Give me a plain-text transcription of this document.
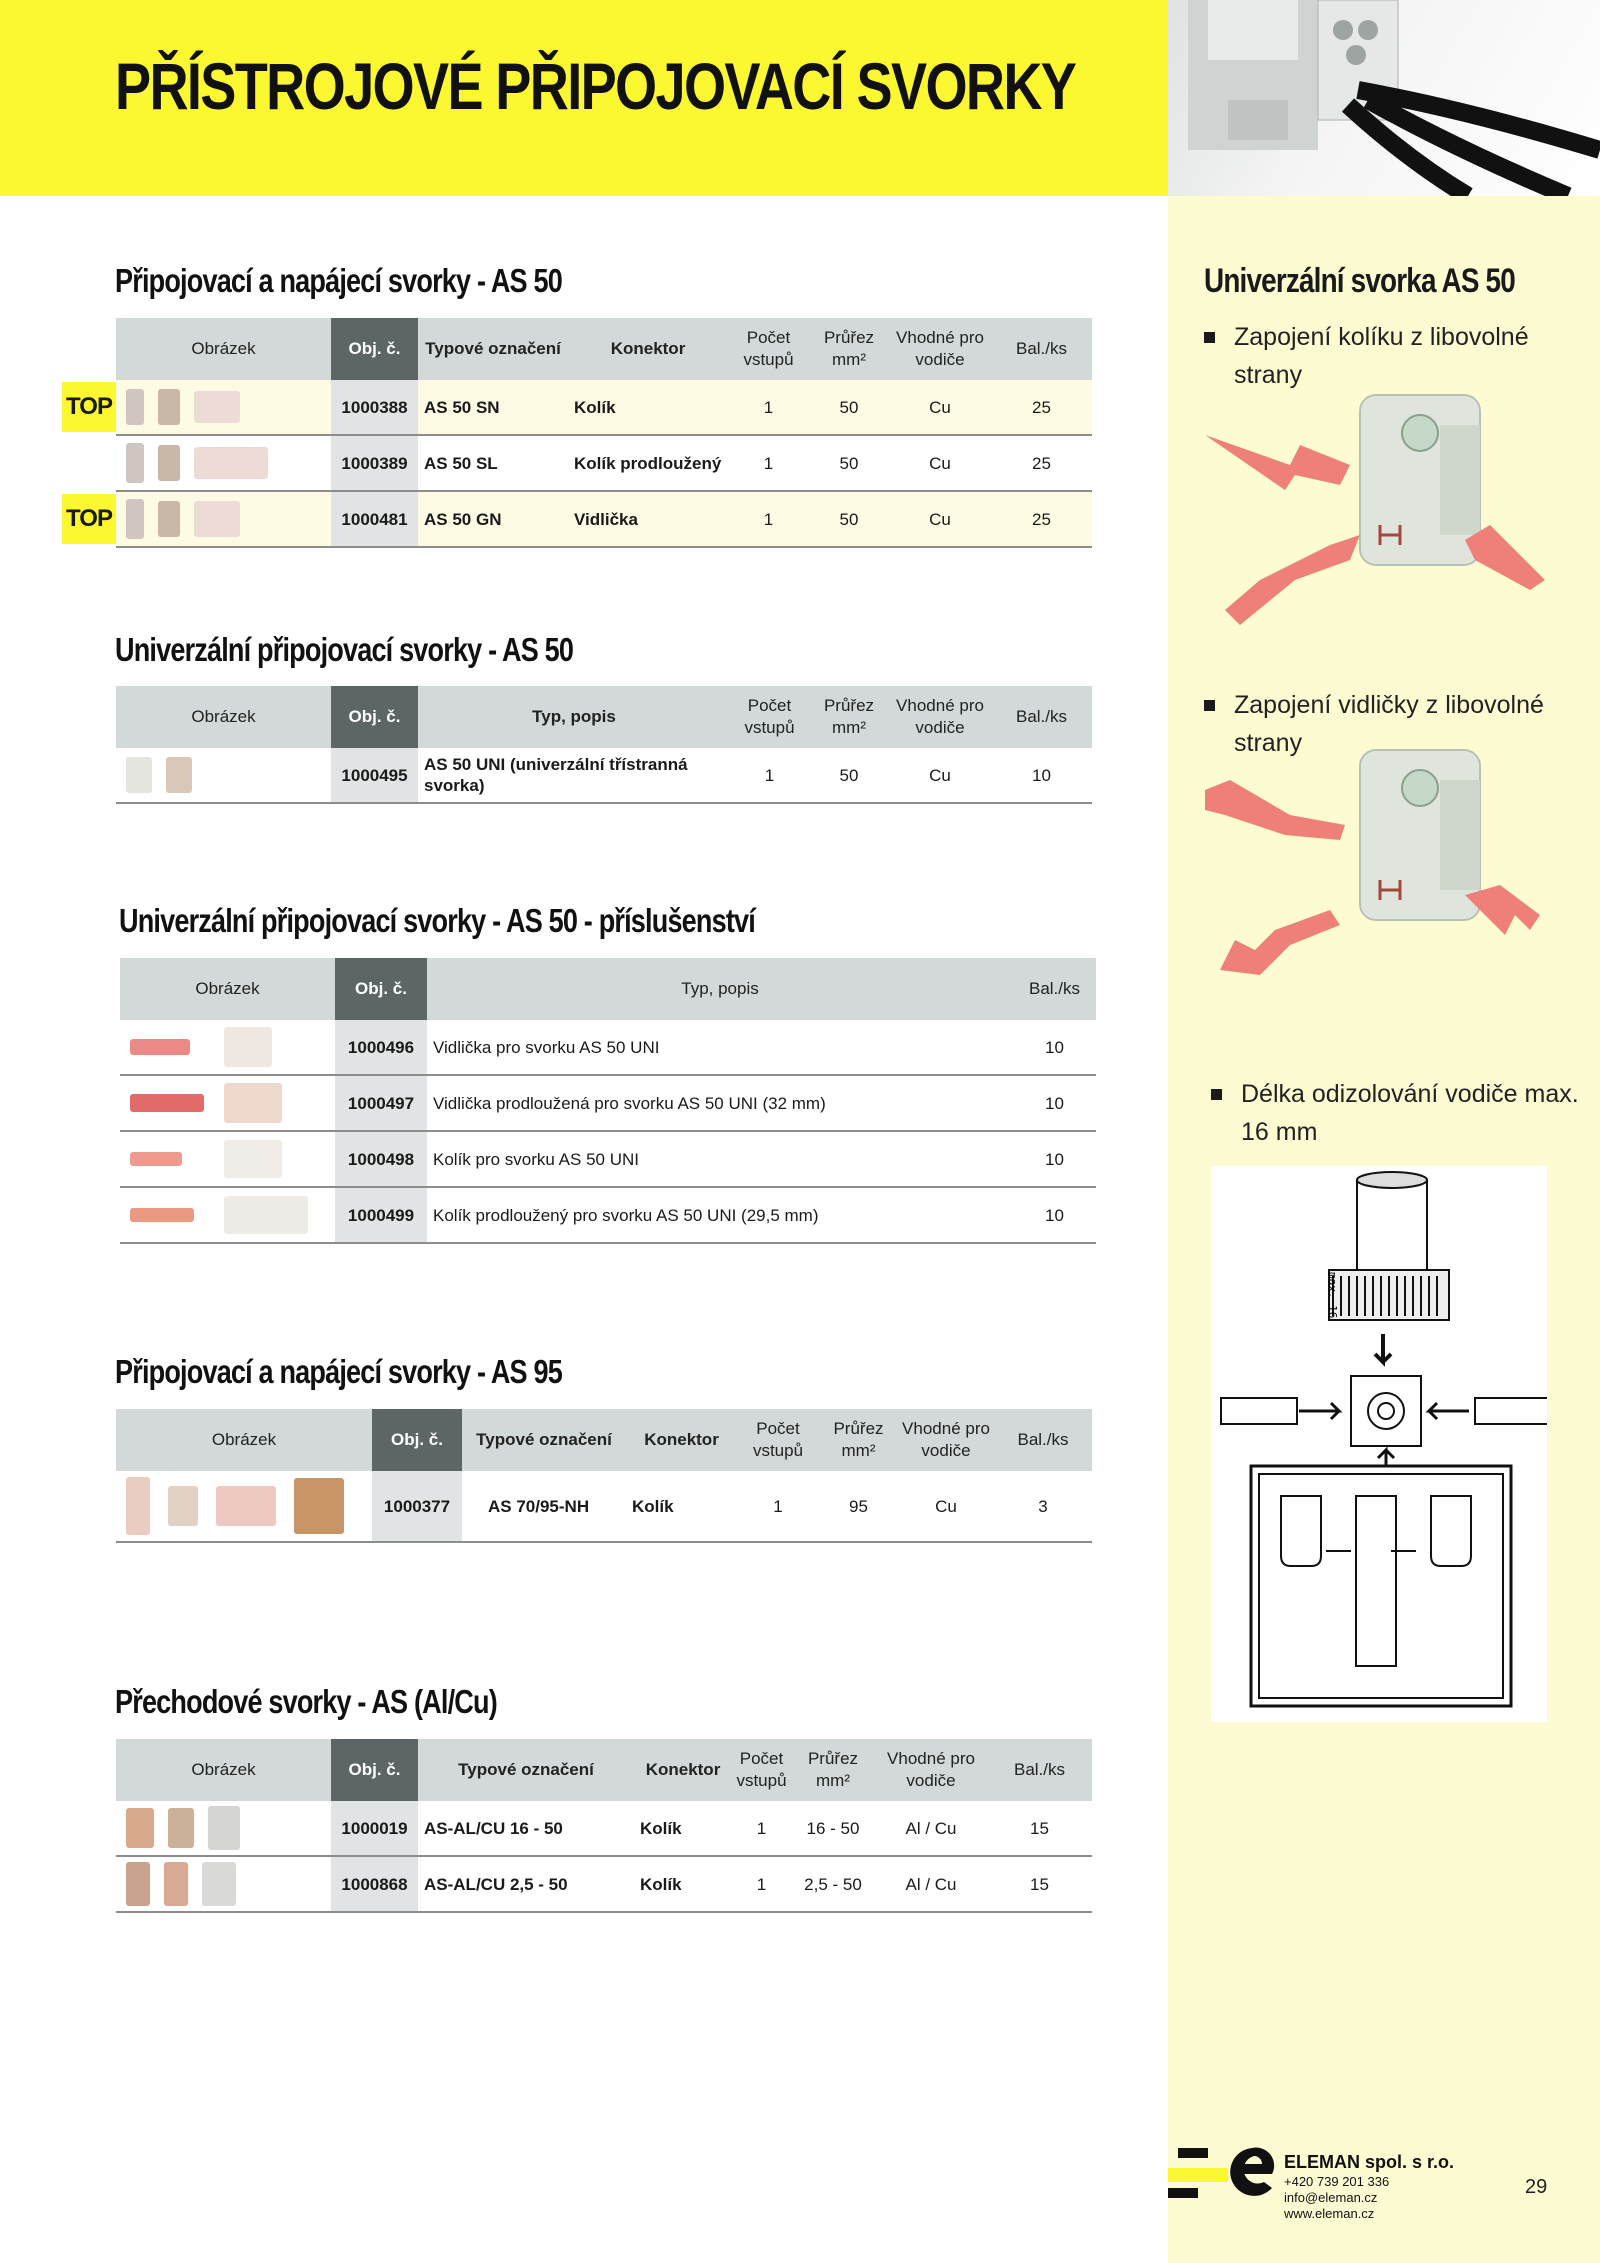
PŘÍSTROJOVÉ PŘIPOJOVACÍ SVORKY
Připojovací a napájecí svorky - AS 50
TOP
TOP
Obrázek	Obj. č.	Typové označení	Konektor	Počet vstupů	Průřez mm²	Vhodné pro vodiče	Bal./ks
	1000388	AS 50 SN	Kolík	1	50	Cu	25
	1000389	AS 50 SL	Kolík prodloužený	1	50	Cu	25
	1000481	AS 50 GN	Vidlička	1	50	Cu	25
Univerzální připojovací svorky - AS 50
Obrázek	Obj. č.	Typ, popis	Počet vstupů	Průřez mm²	Vhodné pro vodiče	Bal./ks
	1000495	AS 50 UNI (univerzální třístranná svorka)	1	50	Cu	10
Univerzální připojovací svorky - AS 50 - příslušenství
Obrázek	Obj. č.	Typ, popis	Bal./ks
	1000496	Vidlička pro svorku AS 50 UNI	10
	1000497	Vidlička prodloužená pro svorku AS 50 UNI (32 mm)	10
	1000498	Kolík pro svorku AS 50 UNI	10
	1000499	Kolík prodloužený pro svorku AS 50 UNI (29,5 mm)	10
Připojovací a napájecí svorky - AS 95
Obrázek	Obj. č.	Typové označení	Konektor	Počet vstupů	Průřez mm²	Vhodné pro vodiče	Bal./ks
	1000377	AS 70/95-NH	Kolík	1	95	Cu	3
Přechodové svorky - AS (Al/Cu)
Obrázek	Obj. č.	Typové označení	Konektor	Počet vstupů	Průřez mm²	Vhodné pro vodiče	Bal./ks
	1000019	AS-AL/CU 16 - 50	Kolík	1	16 - 50	Al / Cu	15
	1000868	AS-AL/CU 2,5 - 50	Kolík	1	2,5 - 50	Al / Cu	15
Univerzální svorka AS 50
Zapojení kolíku z libovolné strany
Zapojení vidličky z libovolné strany
Délka odizolování vodiče max. 16 mm
max. 16
ELEMAN spol. s r.o.
+420 739 201 336
info@eleman.cz
www.eleman.cz
29
